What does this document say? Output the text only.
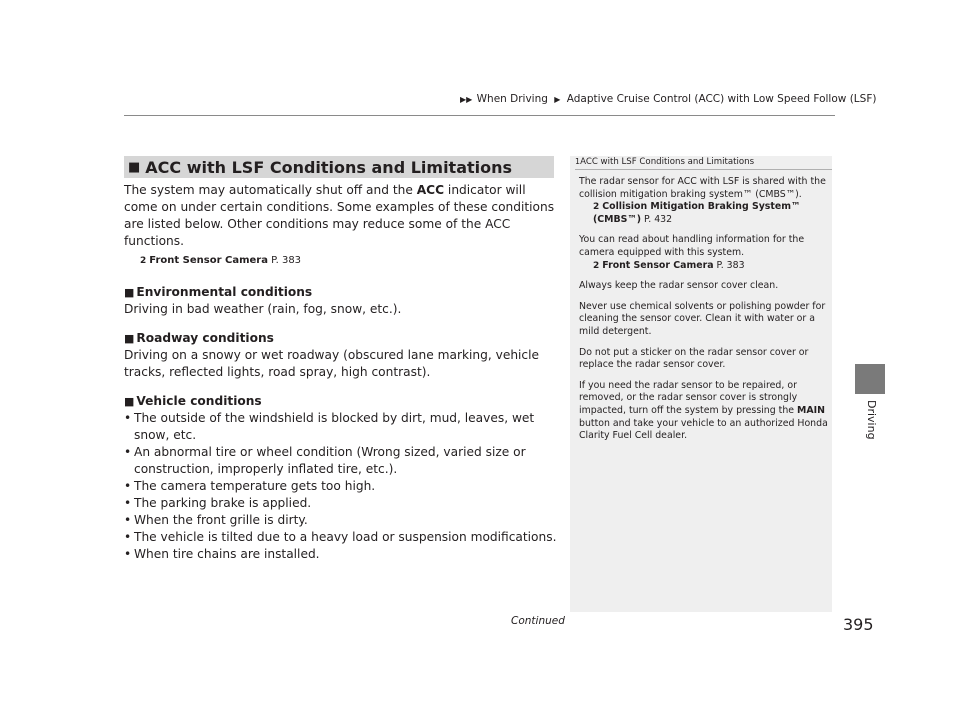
▶▶ When Driving ▶ Adaptive Cruise Control (ACC) with Low Speed Follow (LSF)
Driving
■ ACC with LSF Conditions and Limitations

The system may automatically shut off and the ACC indicator will come on under certain conditions. Some examples of these conditions are listed below. Other conditions may reduce some of the ACC functions.

2 Front Sensor Camera P. 383
■ Environmental conditions

Driving in bad weather (rain, fog, snow, etc.).

■ Roadway conditions

Driving on a snowy or wet roadway (obscured lane marking, vehicle tracks, reflected lights, road spray, high contrast).

■ Vehicle conditions
• The outside of the windshield is blocked by dirt, mud, leaves, wet snow, etc.
• An abnormal tire or wheel condition (Wrong sized, varied size or construction, improperly inflated tire, etc.).
• The camera temperature gets too high.
• The parking brake is applied.
• When the front grille is dirty.
• The vehicle is tilted due to a heavy load or suspension modifications.
• When tire chains are installed.
1ACC with LSF Conditions and Limitations

The radar sensor for ACC with LSF is shared with the collision mitigation braking system™ (CMBS™).

2 Collision Mitigation Braking System™ (CMBS™) P. 432

You can read about handling information for the camera equipped with this system.

2 Front Sensor Camera P. 383

Always keep the radar sensor cover clean.

Never use chemical solvents or polishing powder for cleaning the sensor cover. Clean it with water or a mild detergent.

Do not put a sticker on the radar sensor cover or replace the radar sensor cover.

If you need the radar sensor to be repaired, or removed, or the radar sensor cover is strongly impacted, turn off the system by pressing the MAIN button and take your vehicle to an authorized Honda Clarity Fuel Cell dealer.

Continued	395
